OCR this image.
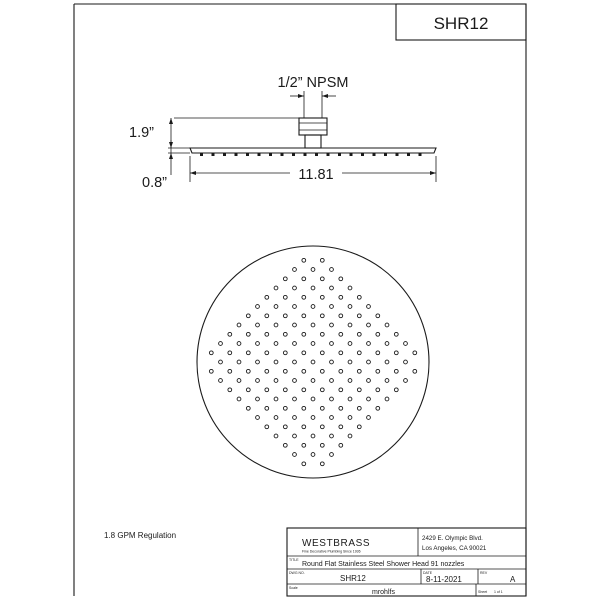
SHR12
1/2” NPSM
1.9”
0.8”	11.81
1.8 GPM Regulation
WESTBRASS
Fine Decorative Plumbing Since 1936
2429 E. Olympic Blvd.
Los Angeles, CA 90021
TITLE
Round Flat Stainless Steel Shower Head 91 nozzles
DWG NO.
SHR12
DATE
8-11-2021
REV
A
Scale
mrohlfs	Sheet 1 of 1
